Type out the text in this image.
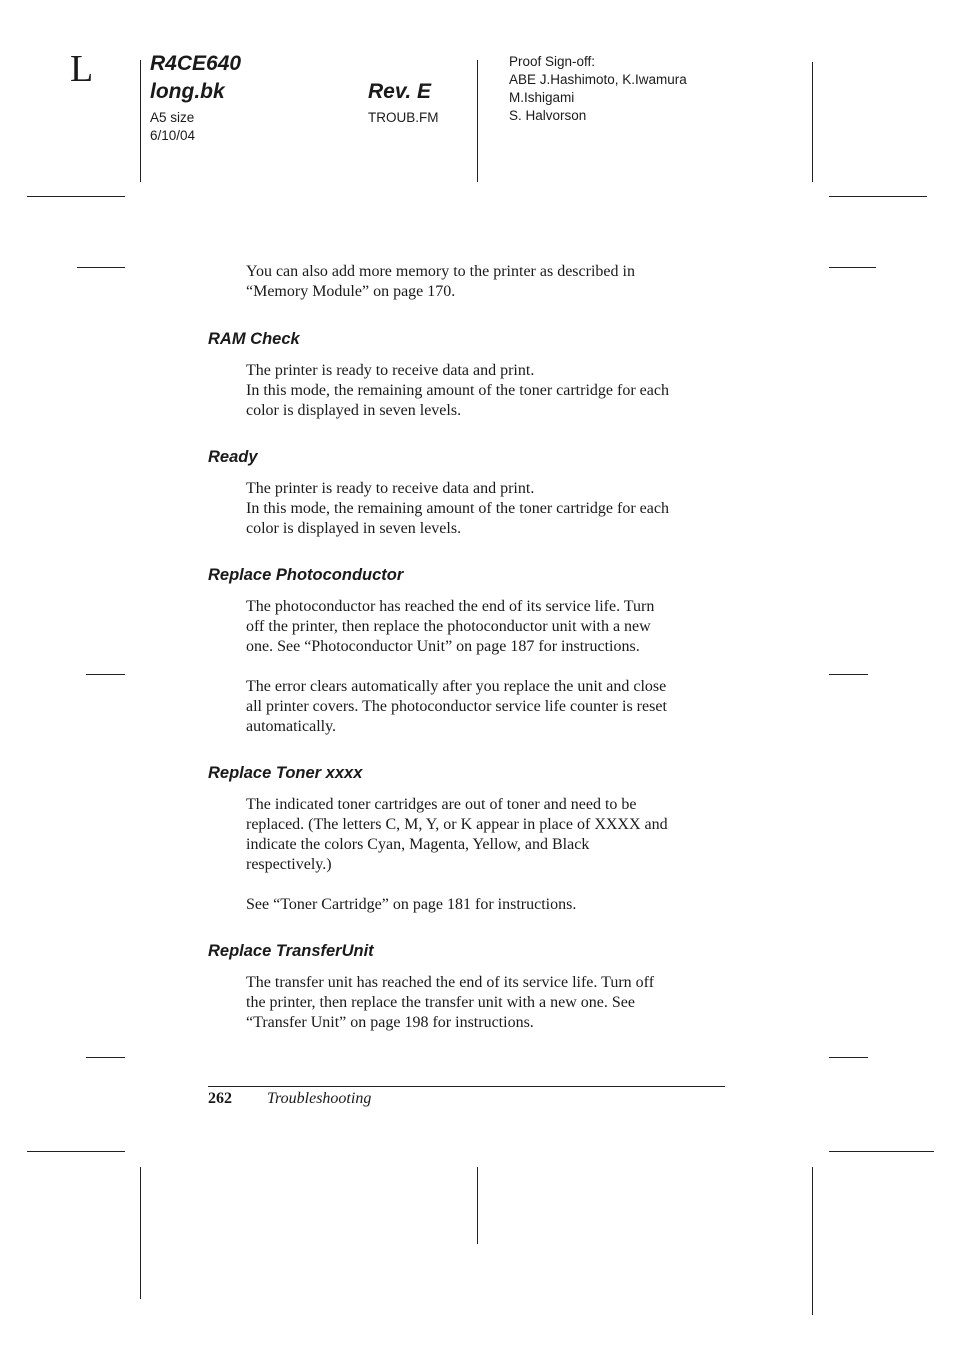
L	R4CE640
long.bk	Rev. E
A5 size
6/10/04
TROUB.FM
Proof Sign-off:
ABE J.Hashimoto, K.Iwamura
M.Ishigami
S. Halvorson

You can also add more memory to the printer as described in
“Memory Module” on page 170.

RAM Check

The printer is ready to receive data and print.
In this mode, the remaining amount of the toner cartridge for each
color is displayed in seven levels.

Ready

The printer is ready to receive data and print.
In this mode, the remaining amount of the toner cartridge for each
color is displayed in seven levels.

Replace Photoconductor

The photoconductor has reached the end of its service life. Turn
off the printer, then replace the photoconductor unit with a new
one. See “Photoconductor Unit” on page 187 for instructions.

The error clears automatically after you replace the unit and close
all printer covers. The photoconductor service life counter is reset
automatically.

Replace Toner xxxx

The indicated toner cartridges are out of toner and need to be
replaced. (The letters C, M, Y, or K appear in place of XXXX and
indicate the colors Cyan, Magenta, Yellow, and Black
respectively.)

See “Toner Cartridge” on page 181 for instructions.

Replace TransferUnit

The transfer unit has reached the end of its service life. Turn off
the printer, then replace the transfer unit with a new one. See
“Transfer Unit” on page 198 for instructions.

262 Troubleshooting
